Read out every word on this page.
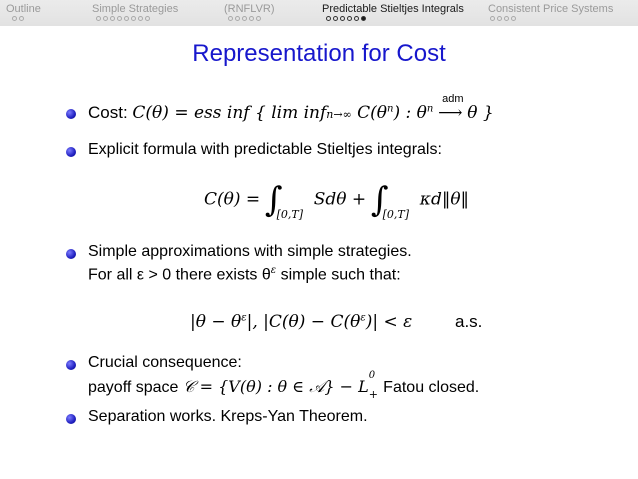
Outline	Simple Strategies	(RNFLVR)	Predictable Stieltjes Integrals Consistent Price Systems
Representation for Cost
Cost: C(θ) = ess inf { lim infn→∞ $C(\theta^n)$ : $\theta^n$
adm
⟶ θ }
Explicit formula with predictable Stieltjes integrals:
$C(\theta) = \int_{[0,T]}$ $Sd\theta + \int_{[0,T]}$ κd‖θ‖
Simple approximations with simple strategies.
For all ε > 0 there exists $\theta^\varepsilon$ simple such that:
$|\theta - \theta^\varepsilon|$, $|C(\theta) - C(\theta^\varepsilon)| < \varepsilon$	a.s.
Crucial consequence:
payoff space 𝒞 = {V(θ) : θ ∈ 𝒜} − L
0
+ Fatou closed.
Separation works. Kreps-Yan Theorem.
